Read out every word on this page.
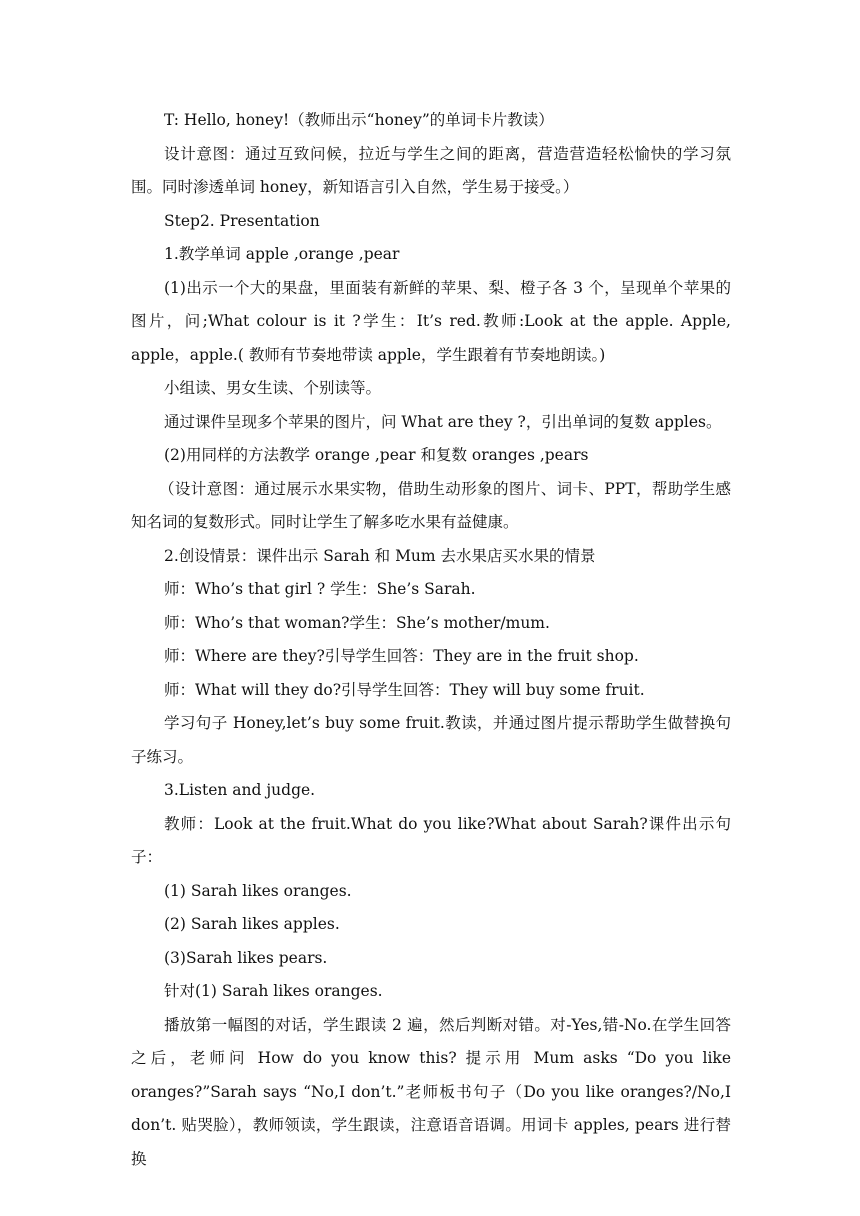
T: Hello, honey!（教师出示“honey”的单词卡片教读）

设计意图：通过互致问候，拉近与学生之间的距离，营造营造轻松愉快的学习氛围。同时渗透单词 honey，新知语言引入自然，学生易于接受。）

Step2. Presentation

1.教学单词 apple ,orange ,pear

(1)出示一个大的果盘，里面装有新鲜的苹果、梨、橙子各 3 个，呈现单个苹果的图片，问;What colour is it ?学生：It’s red.教师:Look at the apple. Apple, apple，apple.( 教师有节奏地带读 apple，学生跟着有节奏地朗读。)

小组读、男女生读、个别读等。

通过课件呈现多个苹果的图片，问 What are they ?，引出单词的复数 apples。

(2)用同样的方法教学 orange ,pear 和复数 oranges ,pears

（设计意图：通过展示水果实物，借助生动形象的图片、词卡、PPT，帮助学生感知名词的复数形式。同时让学生了解多吃水果有益健康。

2.创设情景：课件出示 Sarah 和 Mum 去水果店买水果的情景

师：Who’s that girl ? 学生：She’s Sarah.

师：Who’s that woman?学生：She’s mother/mum.

师：Where are they?引导学生回答：They are in the fruit shop.

师：What will they do?引导学生回答：They will buy some fruit.

学习句子 Honey,let’s buy some fruit.教读，并通过图片提示帮助学生做替换句子练习。

3.Listen and judge.

教师：Look at the fruit.What do you like?What about Sarah?课件出示句子：

(1) Sarah likes oranges.

(2) Sarah likes apples.

(3)Sarah likes pears.

针对(1) Sarah likes oranges.

播放第一幅图的对话，学生跟读 2 遍，然后判断对错。对-Yes,错-No.在学生回答之后，老师问 How do you know this? 提示用 Mum asks “Do you like oranges?”Sarah says “No,I don’t.”老师板书句子（Do you like oranges?/No,I don’t. 贴哭脸），教师领读，学生跟读，注意语音语调。用词卡 apples, pears 进行替换
